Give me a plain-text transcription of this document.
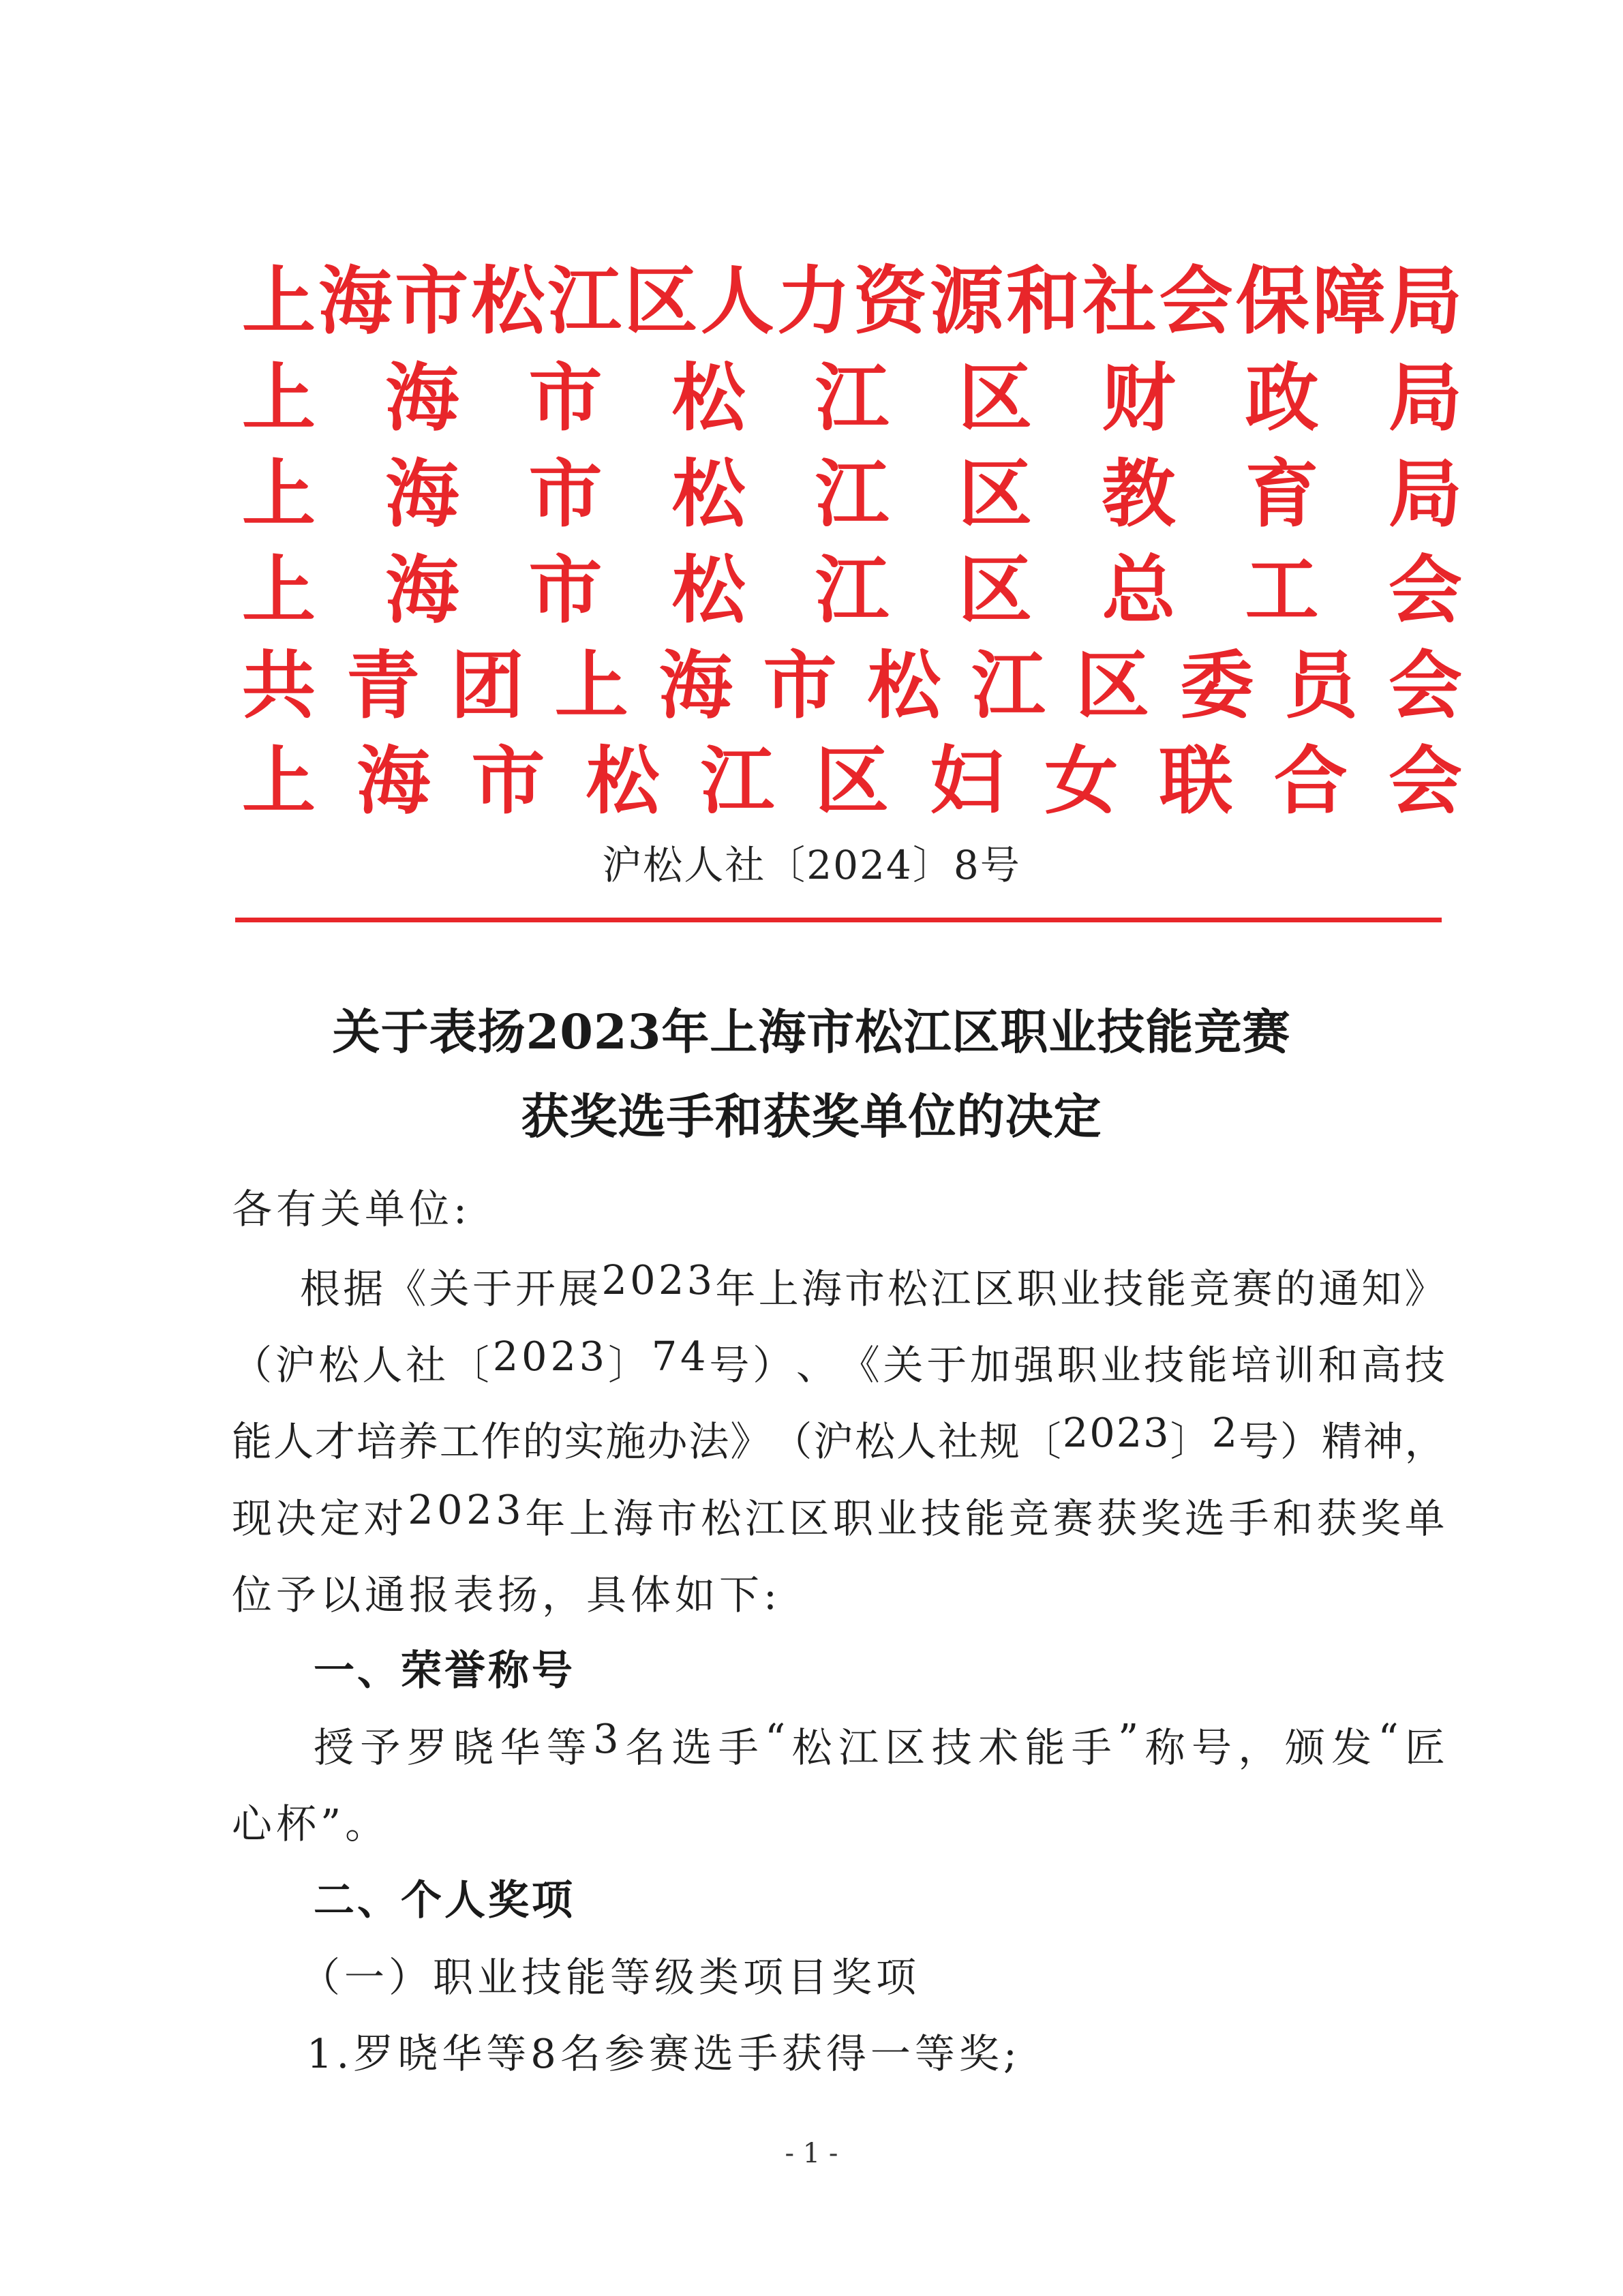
上 海 市 松 江 区 人 力 资 源 和 社 会 保 障 局
上 海 市 松 江 区 财 政 局
上 海 市 松 江 区 教 育 局
上 海 市 松 江 区 总 工 会
共 青 团 上 海 市 松 江 区 委 员 会
上 海 市 松 江 区 妇 女 联 合 会
沪松人社〔2024〕8号
关于表扬2023年上海市松江区职业技能竞赛
获奖选手和获奖单位的决定
各有关单位:
根 据 《 关 于 开 展 2 0 2 3 年 上 海 市 松 江 区 职 业 技 能 竞 赛 的 通 知 》
（ 沪 松 人 社 〔 2 0 2 3 〕 7 4 号 ） 、 《 关 于 加 强 职 业 技 能 培 训 和 高 技
能 人 才 培 养 工 作 的 实 施 办 法 》 （ 沪 松 人 社 规 〔 2 0 2 3 〕 2 号 ） 精 神 ，
现 决 定 对 2 0 2 3 年 上 海 市 松 江 区 职 业 技 能 竞 赛 获 奖 选 手 和 获 奖 单
位予以通报表扬，具体如下:
一、荣誉称号
授 予 罗 晓 华 等 3 名 选 手 “ 松 江 区 技 术 能 手 ” 称 号 ， 颁 发 “ 匠
心杯”。
二、个人奖项
（一）职业技能等级类项目奖项
1.罗晓华等8名参赛选手获得一等奖;
- 1 -
